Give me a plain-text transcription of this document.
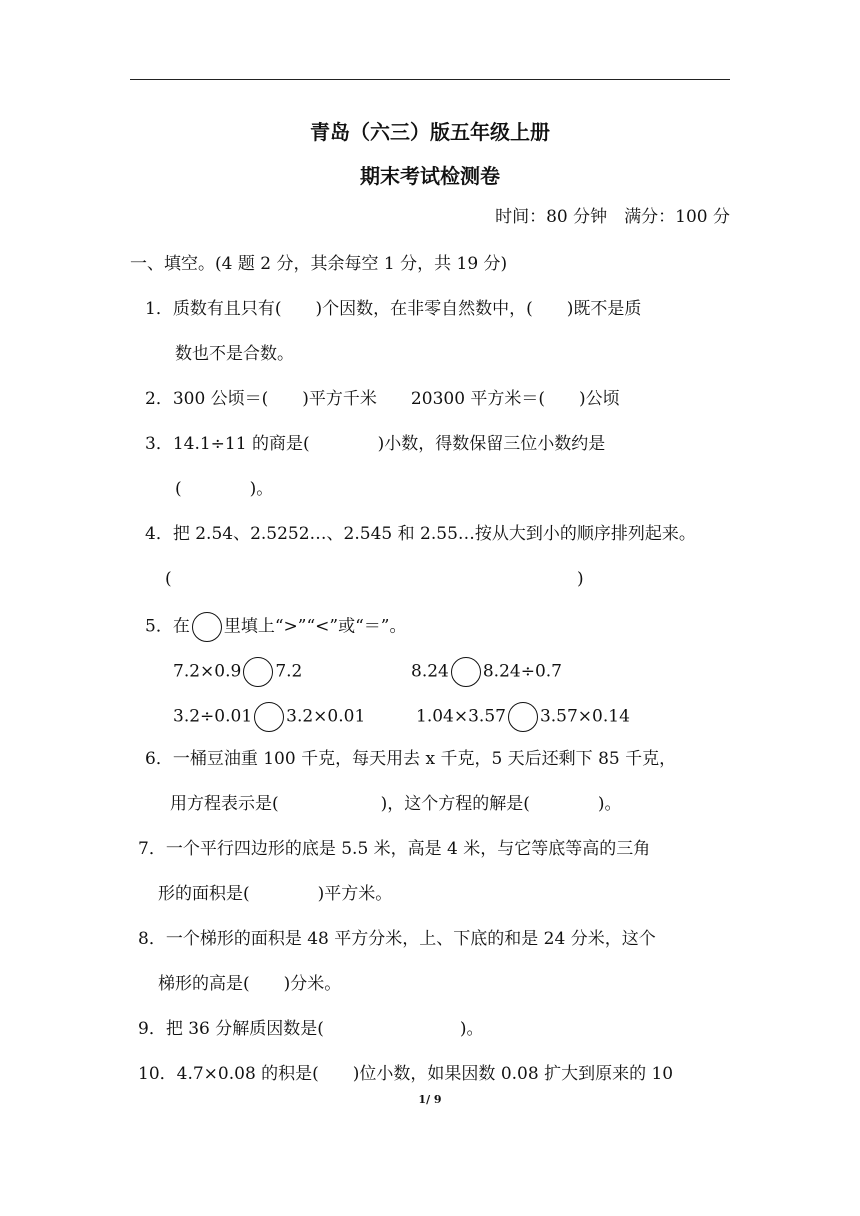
青岛（六三）版五年级上册
期末考试检测卷
时间：80 分钟　满分：100 分
一、填空。(4 题 2 分，其余每空 1 分，共 19 分)
1．质数有且只有(　　)个因数，在非零自然数中，(　　)既不是质
数也不是合数。
2．300 公顷＝(　　)平方千米　　20300 平方米＝(　　)公顷
3．14.1÷11 的商是(　　　　)小数，得数保留三位小数约是
(　　　　)。
4．把 2.54、2.5252…、2.545 和 2.55…按从大到小的顺序排列起来。
(	)
5．在 里填上“>”“<”或“＝”。
7.2×0.9 7.2	8.24 8.24÷0.7
3.2÷0.01 3.2×0.01	1.04×3.57 3.57×0.14
6．一桶豆油重 100 千克，每天用去 x 千克，5 天后还剩下 85 千克，
用方程表示是(　　　　　　)，这个方程的解是(　　　　)。
7．一个平行四边形的底是 5.5 米，高是 4 米，与它等底等高的三角
形的面积是(　　　　)平方米。
8．一个梯形的面积是 48 平方分米，上、下底的和是 24 分米，这个
梯形的高是(　　)分米。
9．把 36 分解质因数是(　　　　　　　　)。
10．4.7×0.08 的积是(　　)位小数，如果因数 0.08 扩大到原来的 10
1/ 9
